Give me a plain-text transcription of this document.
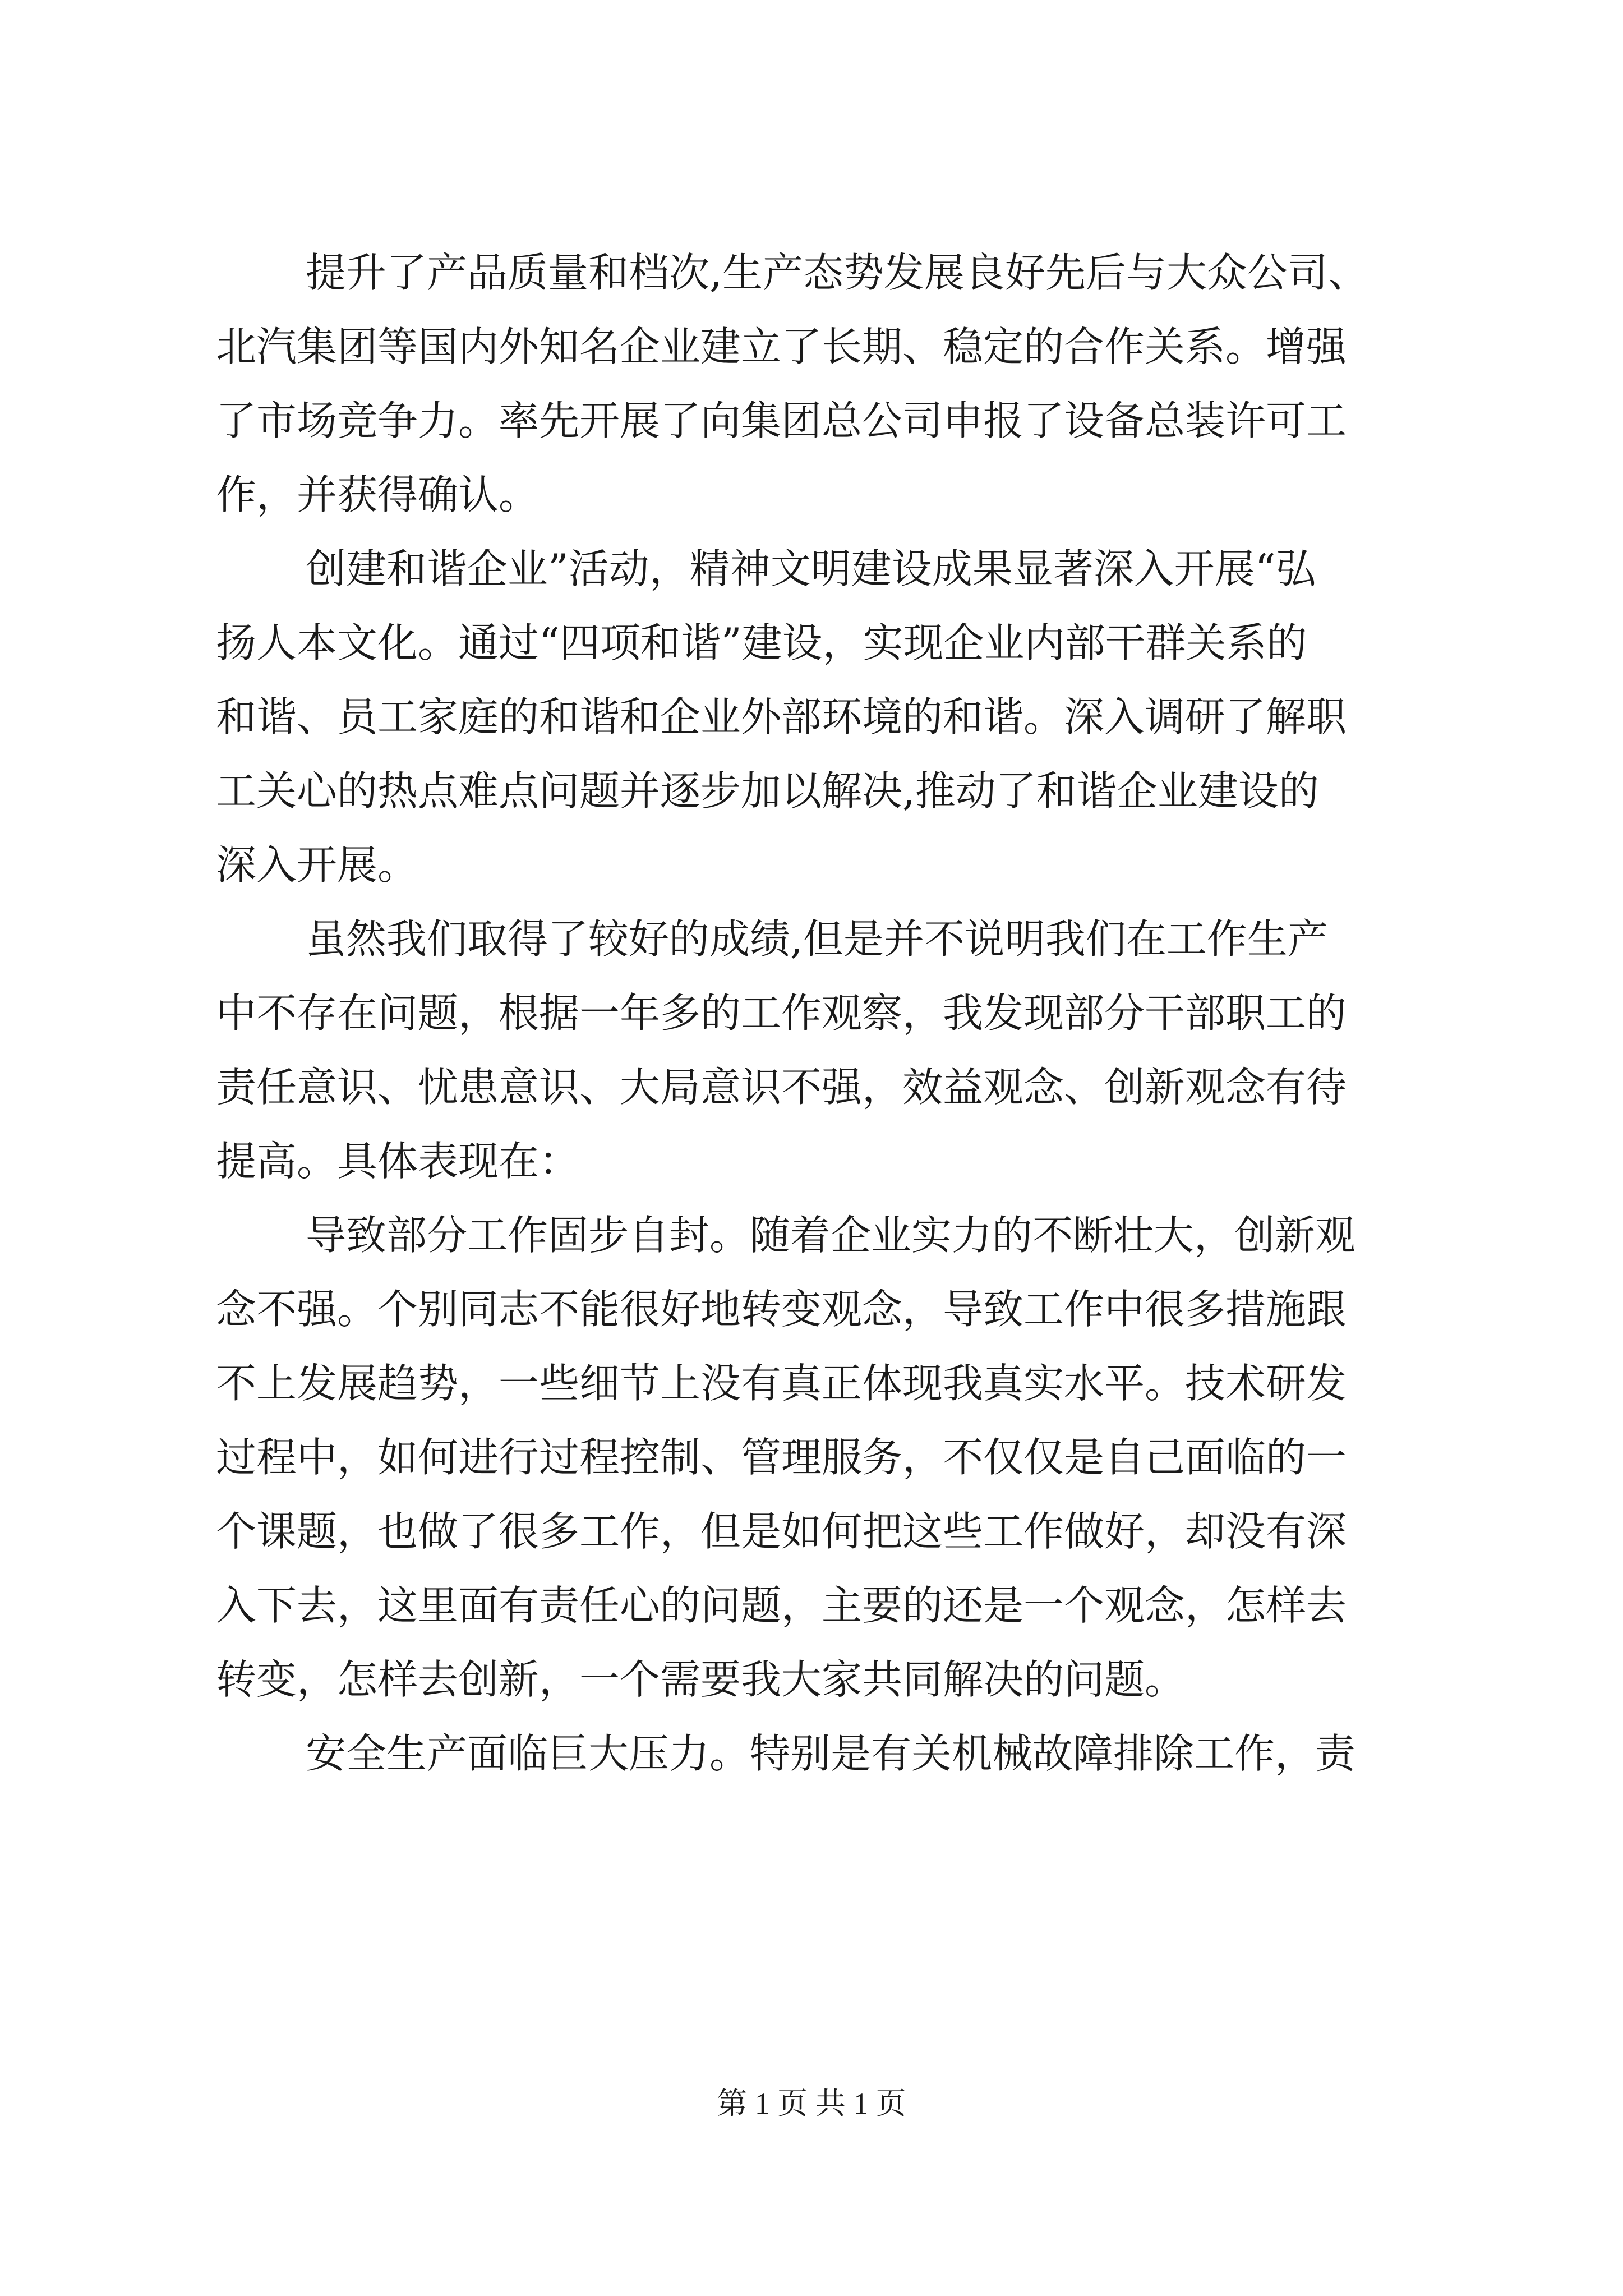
提升了产品质量和档次,生产态势发展良好先后与大众公司、
北汽集团等国内外知名企业建立了长期、稳定的合作关系。增强
了市场竞争力。率先开展了向集团总公司申报了设备总装许可工
作，并获得确认。
创建和谐企业”活动，精神文明建设成果显著深入开展“弘
扬人本文化。通过“四项和谐”建设，实现企业内部干群关系的
和谐、员工家庭的和谐和企业外部环境的和谐。深入调研了解职
工关心的热点难点问题并逐步加以解决,推动了和谐企业建设的
深入开展。
虽然我们取得了较好的成绩,但是并不说明我们在工作生产
中不存在问题，根据一年多的工作观察，我发现部分干部职工的
责任意识、忧患意识、大局意识不强，效益观念、创新观念有待
提高。具体表现在：
导致部分工作固步自封。随着企业实力的不断壮大，创新观
念不强。个别同志不能很好地转变观念，导致工作中很多措施跟
不上发展趋势，一些细节上没有真正体现我真实水平。技术研发
过程中，如何进行过程控制、管理服务，不仅仅是自己面临的一
个课题，也做了很多工作，但是如何把这些工作做好，却没有深
入下去，这里面有责任心的问题，主要的还是一个观念，怎样去
转变，怎样去创新，一个需要我大家共同解决的问题。
安全生产面临巨大压力。特别是有关机械故障排除工作，责
第 1 页 共 1 页
